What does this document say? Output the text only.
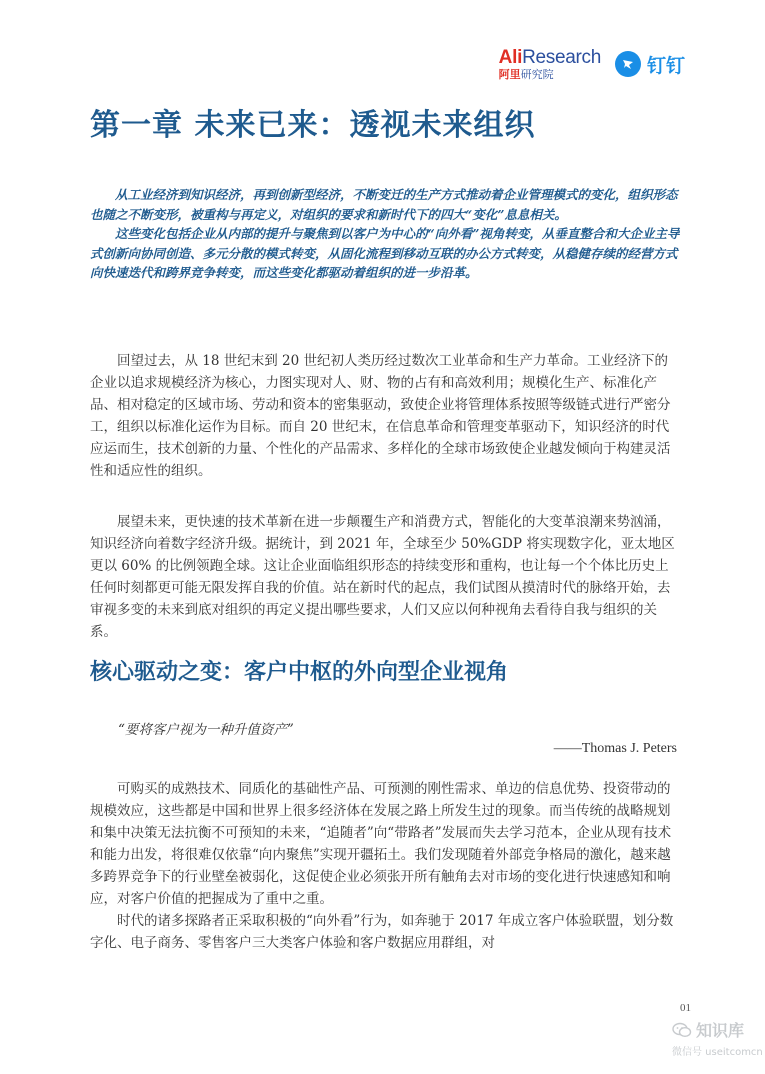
AliResearch
阿里研究院	钉钉
第一章 未来已来：透视未来组织

从工业经济到知识经济，再到创新型经济，不断变迁的生产方式推动着企业管理模式的变化，组织形态也随之不断变形，被重构与再定义，对组织的要求和新时代下的四大“变化”息息相关。

这些变化包括企业从内部的提升与聚焦到以客户为中心的“向外看”视角转变，从垂直整合和大企业主导式创新向协同创造、多元分散的模式转变，从固化流程到移动互联的办公方式转变，从稳健存续的经营方式向快速迭代和跨界竞争转变，而这些变化都驱动着组织的进一步沿革。

回望过去，从 18 世纪末到 20 世纪初人类历经过数次工业革命和生产力革命。工业经济下的企业以追求规模经济为核心，力图实现对人、财、物的占有和高效利用；规模化生产、标准化产品、相对稳定的区域市场、劳动和资本的密集驱动，致使企业将管理体系按照等级链式进行严密分工，组织以标准化运作为目标。而自 20 世纪末，在信息革命和管理变革驱动下，知识经济的时代应运而生，技术创新的力量、个性化的产品需求、多样化的全球市场致使企业越发倾向于构建灵活性和适应性的组织。

展望未来，更快速的技术革新在进一步颠覆生产和消费方式，智能化的大变革浪潮来势汹涌，知识经济向着数字经济升级。据统计，到 2021 年，全球至少 50%GDP 将实现数字化，亚太地区更以 60% 的比例领跑全球。这让企业面临组织形态的持续变形和重构，也让每一个个体比历史上任何时刻都更可能无限发挥自我的价值。站在新时代的起点，我们试图从摸清时代的脉络开始，去审视多变的未来到底对组织的再定义提出哪些要求，人们又应以何种视角去看待自我与组织的关系。

核心驱动之变：客户中枢的外向型企业视角

“要将客户视为一种升值资产”

——Thomas J. Peters

可购买的成熟技术、同质化的基础性产品、可预测的刚性需求、单边的信息优势、投资带动的规模效应，这些都是中国和世界上很多经济体在发展之路上所发生过的现象。而当传统的战略规划和集中决策无法抗衡不可预知的未来，“追随者”向“带路者”发展而失去学习范本，企业从现有技术和能力出发，将很难仅依靠“向内聚焦”实现开疆拓土。我们发现随着外部竞争格局的激化，越来越多跨界竞争下的行业壁垒被弱化，这促使企业必须张开所有触角去对市场的变化进行快速感知和响应，对客户价值的把握成为了重中之重。

时代的诸多探路者正采取积极的“向外看”行为，如奔驰于 2017 年成立客户体验联盟，划分数字化、电子商务、零售客户三大类客户体验和客户数据应用群组，对

01
知识库
微信号 useitcomcn
